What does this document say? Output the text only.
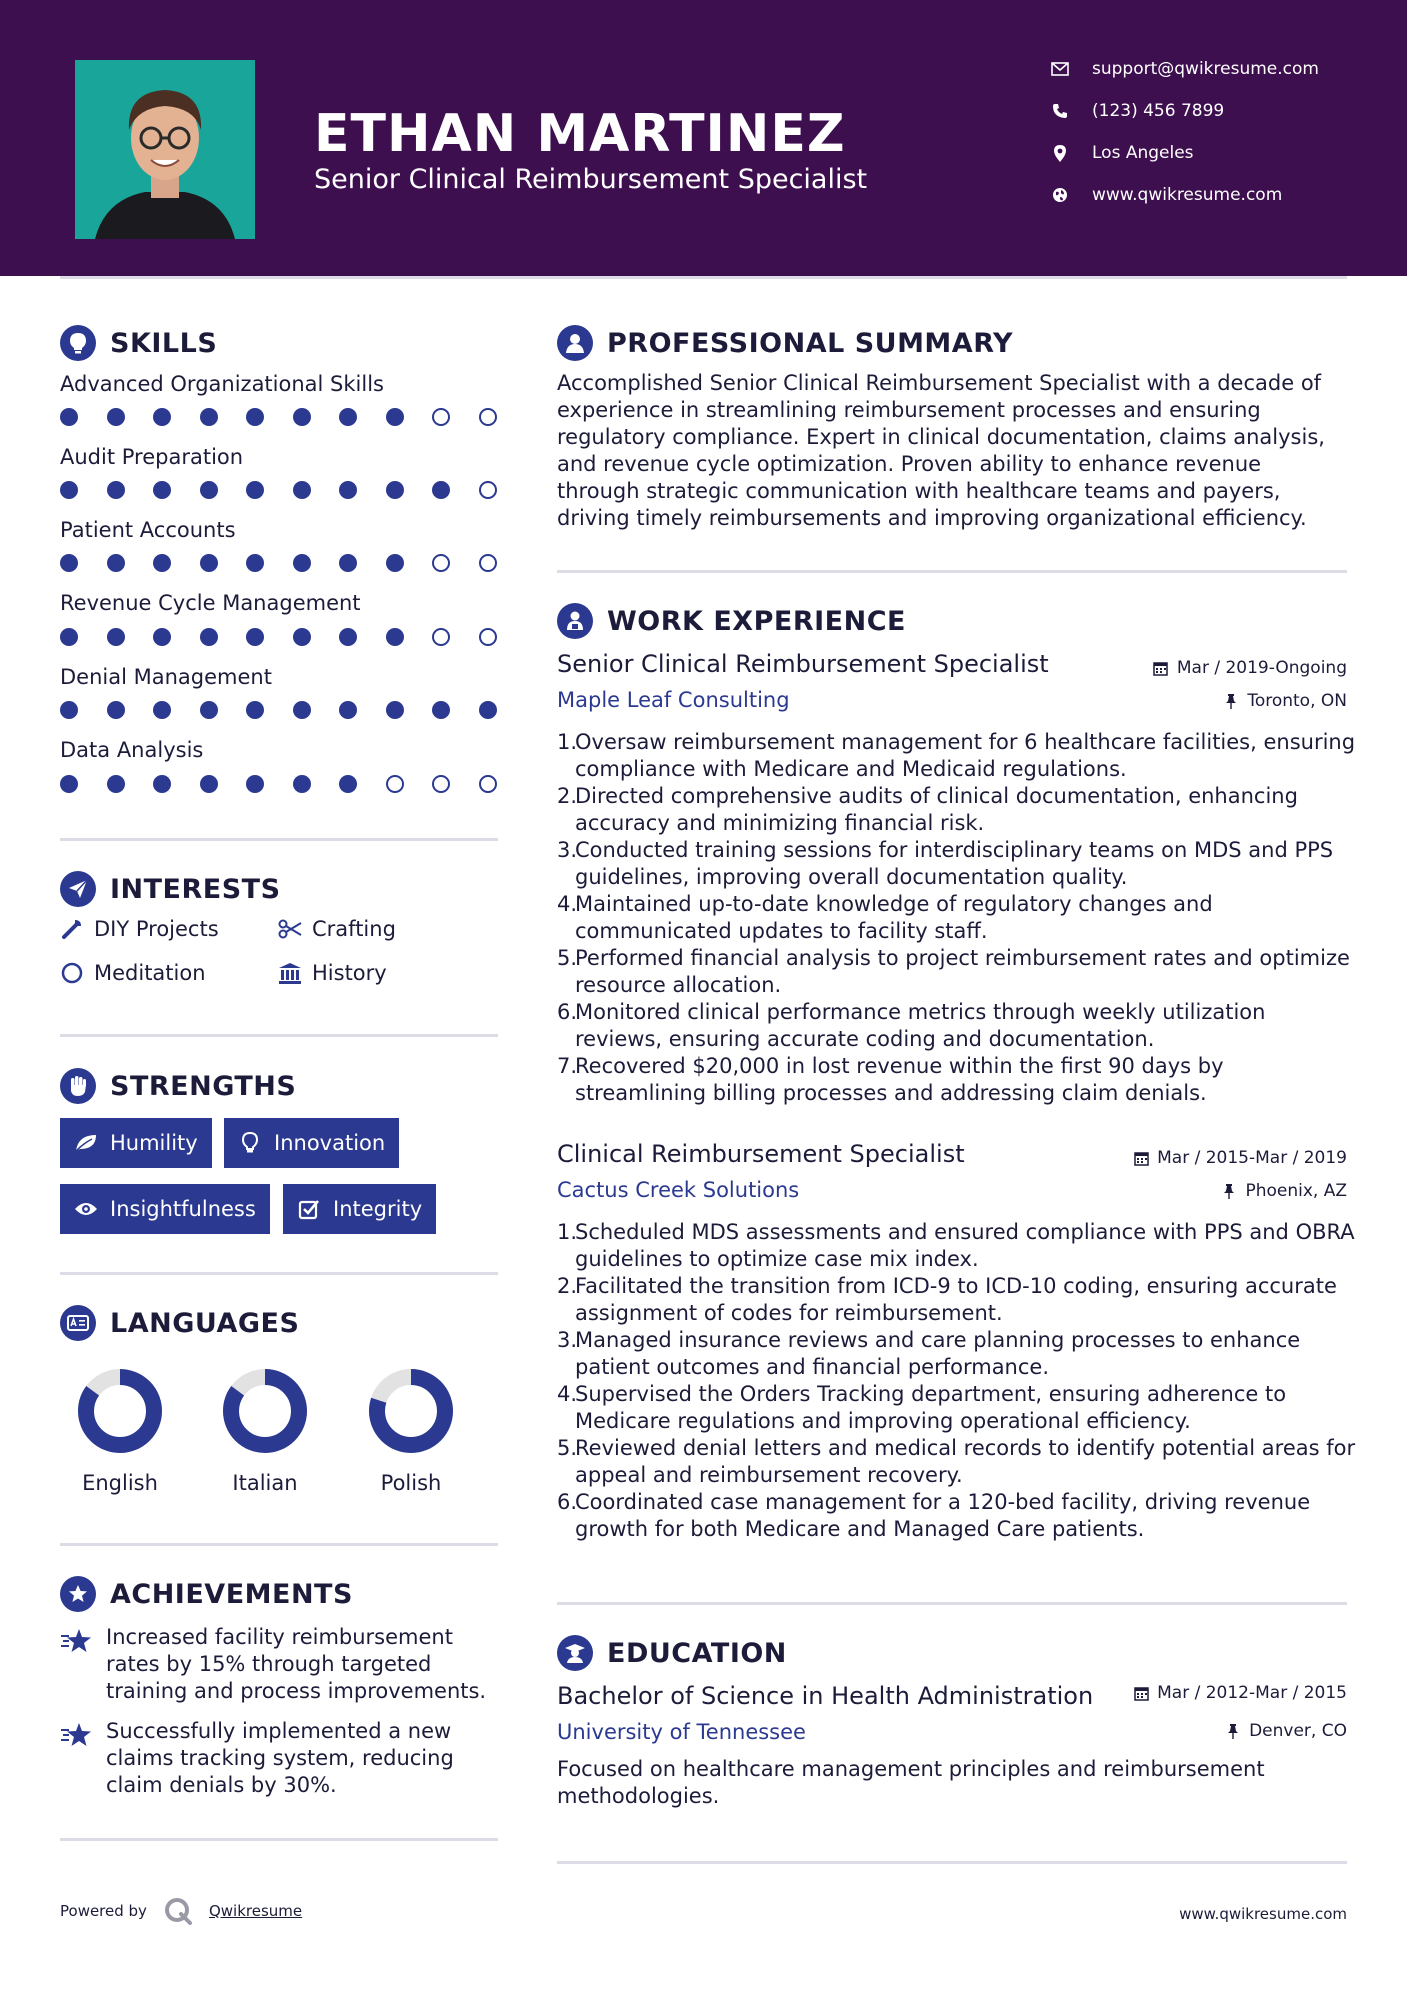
ETHAN MARTINEZ
Senior Clinical Reimbursement Specialist
support@qwikresume.com
(123) 456 7899
Los Angeles
www.qwikresume.com
SKILLS
Advanced Organizational Skills
Audit Preparation
Patient Accounts
Revenue Cycle Management
Denial Management
Data Analysis
INTERESTS
DIY Projects	Crafting
Meditation	History
STRENGTHS
Humility	Innovation
Insightfulness	Integrity
LANGUAGES
English	Italian	Polish
ACHIEVEMENTS
Increased facility reimbursement rates by 15% through targeted training and process improvements.
Successfully implemented a new claims tracking system, reducing claim denials by 30%.
PROFESSIONAL SUMMARY
Accomplished Senior Clinical Reimbursement Specialist with a decade of experience in streamlining reimbursement processes and ensuring regulatory compliance. Expert in clinical documentation, claims analysis, and revenue cycle optimization. Proven ability to enhance revenue through strategic communication with healthcare teams and payers, driving timely reimbursements and improving organizational efficiency.
WORK EXPERIENCE
Senior Clinical Reimbursement Specialist	Mar / 2019-Ongoing
Maple Leaf Consulting	Toronto, ON
1.
Oversaw reimbursement management for 6 healthcare facilities, ensuring compliance with Medicare and Medicaid regulations.
2.
Directed comprehensive audits of clinical documentation, enhancing accuracy and minimizing financial risk.
3.
Conducted training sessions for interdisciplinary teams on MDS and PPS guidelines, improving overall documentation quality.
4.
Maintained up-to-date knowledge of regulatory changes and communicated updates to facility staff.
5.
Performed financial analysis to project reimbursement rates and optimize resource allocation.
6.
Monitored clinical performance metrics through weekly utilization reviews, ensuring accurate coding and documentation.
7.
Recovered $20,000 in lost revenue within the first 90 days by streamlining billing processes and addressing claim denials.
Clinical Reimbursement Specialist	Mar / 2015-Mar / 2019
Cactus Creek Solutions	Phoenix, AZ
1.
Scheduled MDS assessments and ensured compliance with PPS and OBRA guidelines to optimize case mix index.
2.
Facilitated the transition from ICD-9 to ICD-10 coding, ensuring accurate assignment of codes for reimbursement.
3.
Managed insurance reviews and care planning processes to enhance patient outcomes and financial performance.
4.
Supervised the Orders Tracking department, ensuring adherence to Medicare regulations and improving operational efficiency.
5.
Reviewed denial letters and medical records to identify potential areas for appeal and reimbursement recovery.
6.
Coordinated case management for a 120-bed facility, driving revenue growth for both Medicare and Managed Care patients.
EDUCATION
Bachelor of Science in Health Administration	Mar / 2012-Mar / 2015
University of Tennessee	Denver, CO
Focused on healthcare management principles and reimbursement methodologies.
Powered by	Qwikresume	www.qwikresume.com
